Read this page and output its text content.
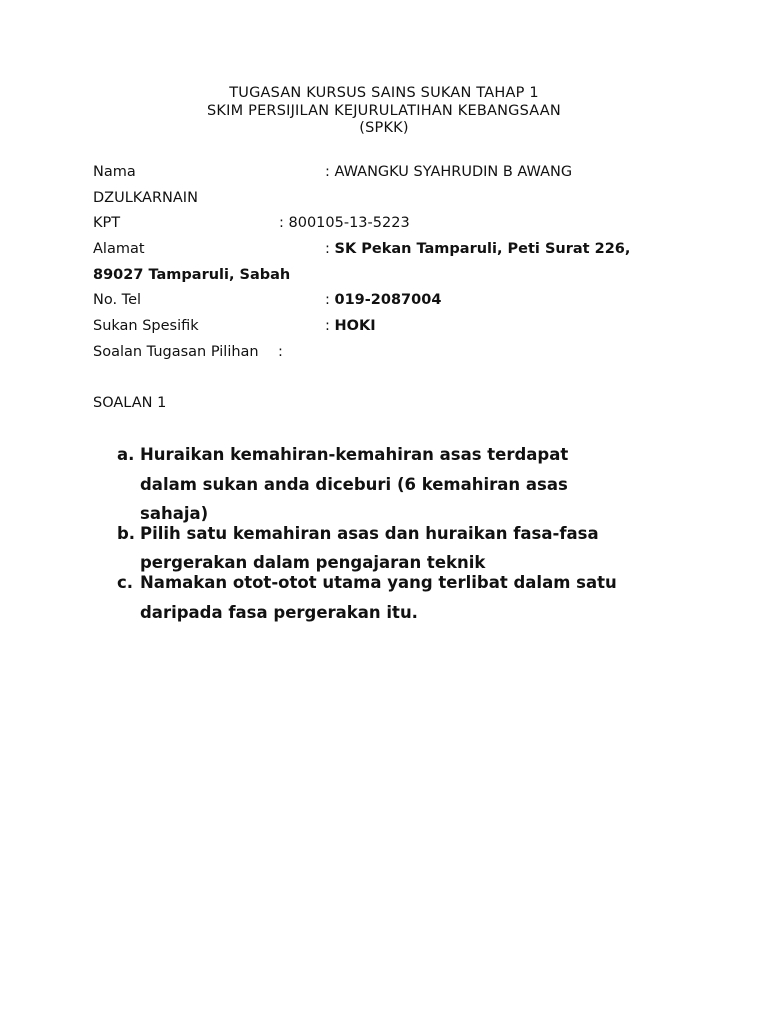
TUGASAN KURSUS SAINS SUKAN TAHAP 1
SKIM PERSIJILAN KEJURULATIHAN KEBANGSAAN
(SPKK)
Nama	: AWANGKU SYAHRUDIN B AWANG
DZULKARNAIN
KPT	: 800105-13-5223
Alamat	: SK Pekan Tamparuli, Peti Surat 226,
89027 Tamparuli, Sabah
No. Tel	: 019-2087004
Sukan Spesifik	: HOKI
Soalan Tugasan Pilihan :
SOALAN 1
a. Huraikan kemahiran-kemahiran asas terdapat
dalam sukan anda diceburi (6 kemahiran asas
sahaja)
b. Pilih satu kemahiran asas dan huraikan fasa-fasa
pergerakan dalam pengajaran teknik
c. Namakan otot-otot utama yang terlibat dalam satu
daripada fasa pergerakan itu.
